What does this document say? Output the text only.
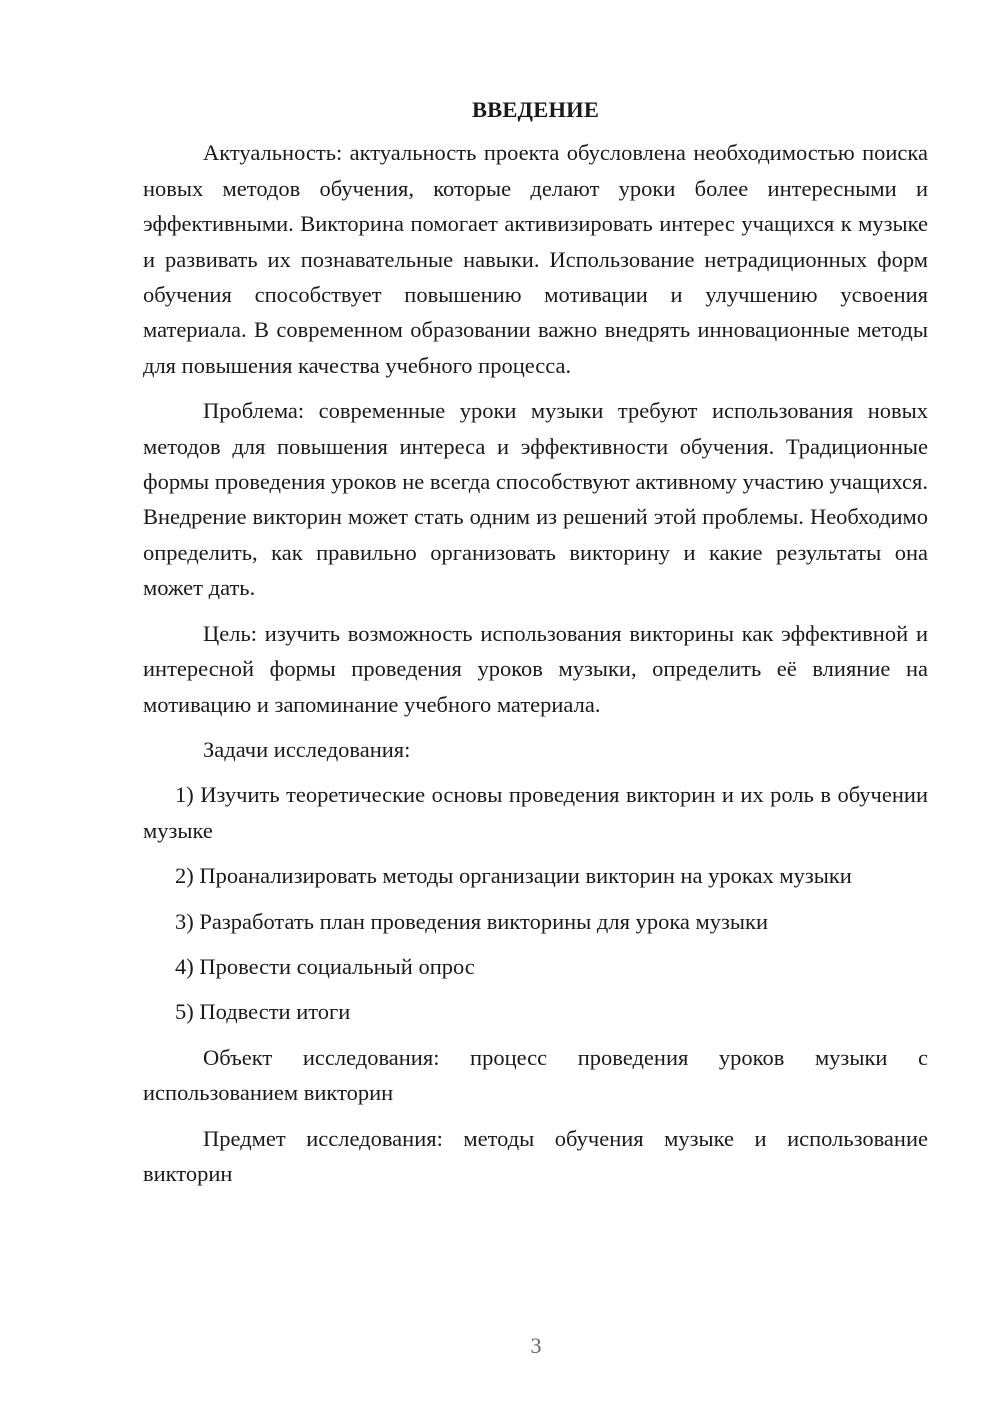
ВВЕДЕНИЕ

Актуальность: актуальность проекта обусловлена необходимостью поиска новых методов обучения, которые делают уроки более интересными и эффективными. Викторина помогает активизировать интерес учащихся к музыке и развивать их познавательные навыки. Использование нетрадиционных форм обучения способствует повышению мотивации и улучшению усвоения материала. В современном образовании важно внедрять инновационные методы для повышения качества учебного процесса.

Проблема: современные уроки музыки требуют использования новых методов для повышения интереса и эффективности обучения. Традиционные формы проведения уроков не всегда способствуют активному участию учащихся. Внедрение викторин может стать одним из решений этой проблемы. Необходимо определить, как правильно организовать викторину и какие результаты она может дать.

Цель: изучить возможность использования викторины как эффективной и интересной формы проведения уроков музыки, определить её влияние на мотивацию и запоминание учебного материала.

Задачи исследования:

1) Изучить теоретические основы проведения викторин и их роль в обучении музыке

2) Проанализировать методы организации викторин на уроках музыки

3) Разработать план проведения викторины для урока музыки

4) Провести социальный опрос

5) Подвести итоги

Объект исследования: процесс проведения уроков музыки с использованием викторин

Предмет исследования: методы обучения музыке и использование викторин

3
